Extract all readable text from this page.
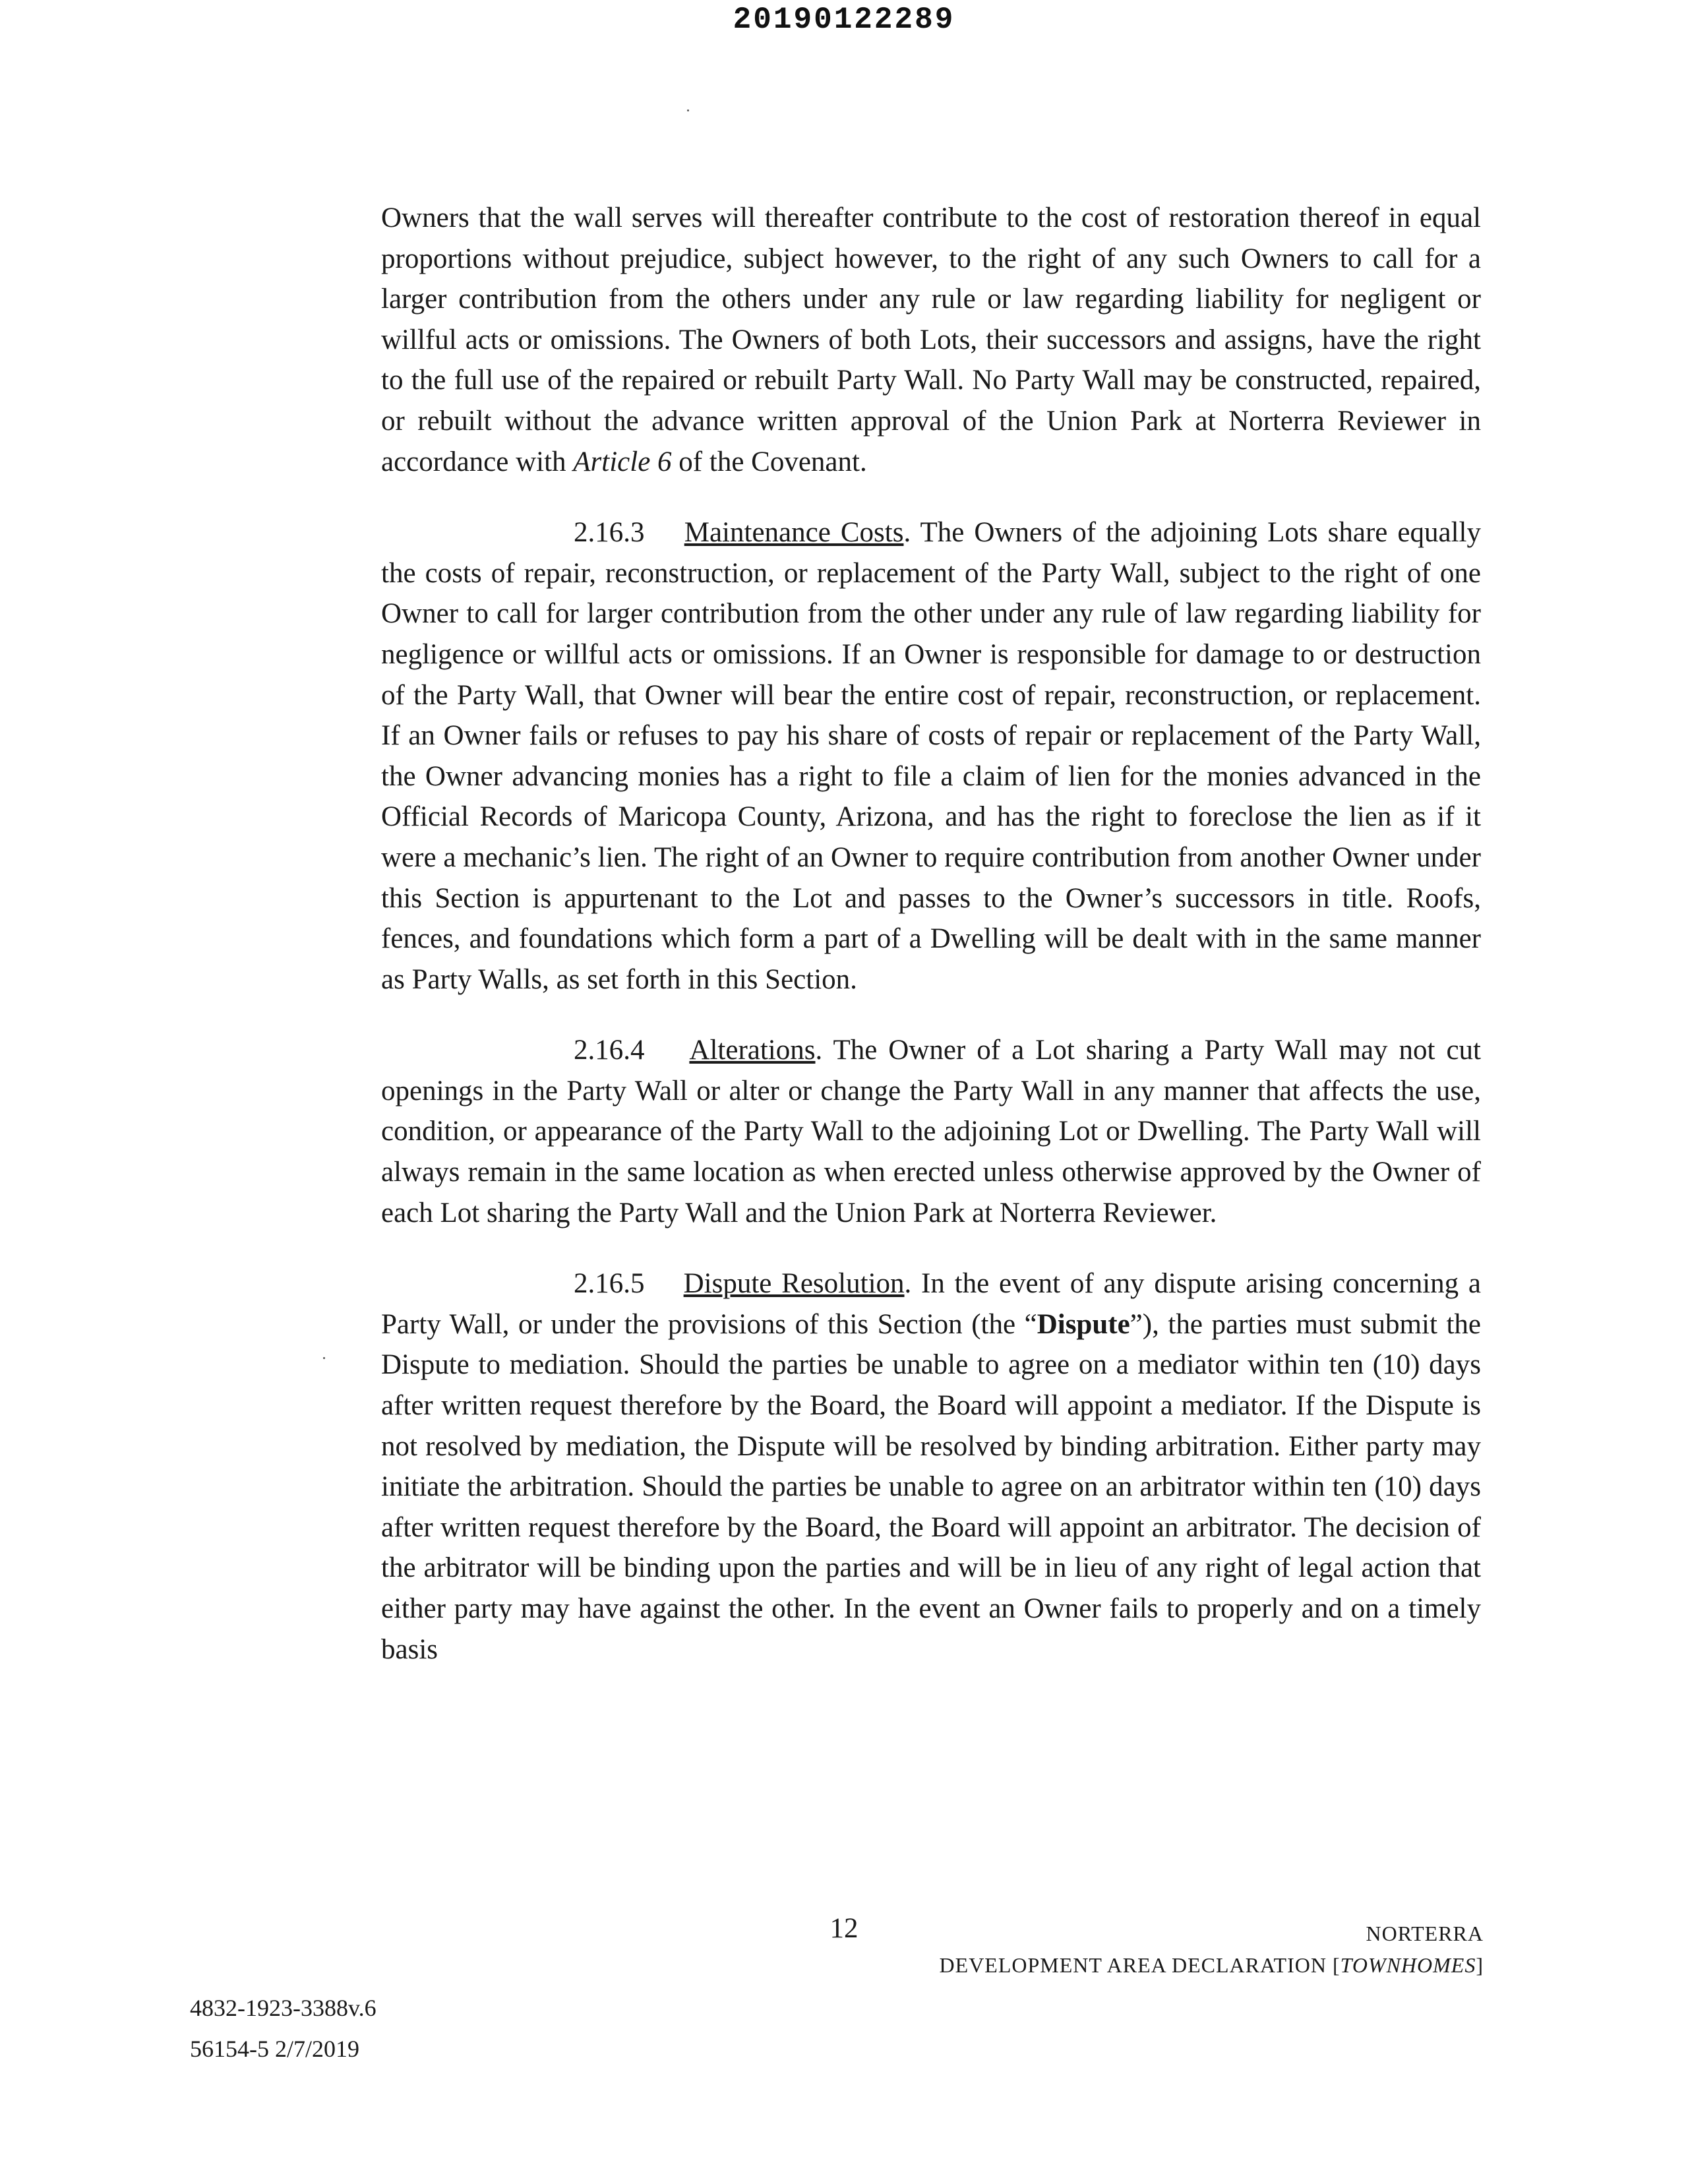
20190122289

Owners that the wall serves will thereafter contribute to the cost of restoration thereof in equal proportions without prejudice, subject however, to the right of any such Owners to call for a larger contribution from the others under any rule or law regarding liability for negligent or willful acts or omissions. The Owners of both Lots, their successors and assigns, have the right to the full use of the repaired or rebuilt Party Wall. No Party Wall may be constructed, repaired, or rebuilt without the advance written approval of the Union Park at Norterra Reviewer in accordance with Article 6 of the Covenant.

2.16.3 Maintenance Costs. The Owners of the adjoining Lots share equally the costs of repair, reconstruction, or replacement of the Party Wall, subject to the right of one Owner to call for larger contribution from the other under any rule of law regarding liability for negligence or willful acts or omissions. If an Owner is responsible for damage to or destruction of the Party Wall, that Owner will bear the entire cost of repair, reconstruction, or replacement. If an Owner fails or refuses to pay his share of costs of repair or replacement of the Party Wall, the Owner advancing monies has a right to file a claim of lien for the monies advanced in the Official Records of Maricopa County, Arizona, and has the right to foreclose the lien as if it were a mechanic’s lien. The right of an Owner to require contribution from another Owner under this Section is appurtenant to the Lot and passes to the Owner’s successors in title. Roofs, fences, and foundations which form a part of a Dwelling will be dealt with in the same manner as Party Walls, as set forth in this Section.

2.16.4 Alterations. The Owner of a Lot sharing a Party Wall may not cut openings in the Party Wall or alter or change the Party Wall in any manner that affects the use, condition, or appearance of the Party Wall to the adjoining Lot or Dwelling. The Party Wall will always remain in the same location as when erected unless otherwise approved by the Owner of each Lot sharing the Party Wall and the Union Park at Norterra Reviewer.

2.16.5 Dispute Resolution. In the event of any dispute arising concerning a Party Wall, or under the provisions of this Section (the “Dispute”), the parties must submit the Dispute to mediation. Should the parties be unable to agree on a mediator within ten (10) days after written request therefore by the Board, the Board will appoint a mediator. If the Dispute is not resolved by mediation, the Dispute will be resolved by binding arbitration. Either party may initiate the arbitration. Should the parties be unable to agree on an arbitrator within ten (10) days after written request therefore by the Board, the Board will appoint an arbitrator. The decision of the arbitrator will be binding upon the parties and will be in lieu of any right of legal action that either party may have against the other. In the event an Owner fails to properly and on a timely basis

12	NORTERRA
DEVELOPMENT AREA DECLARATION [TOWNHOMES]
4832-1923-3388v.6
56154-5 2/7/2019
